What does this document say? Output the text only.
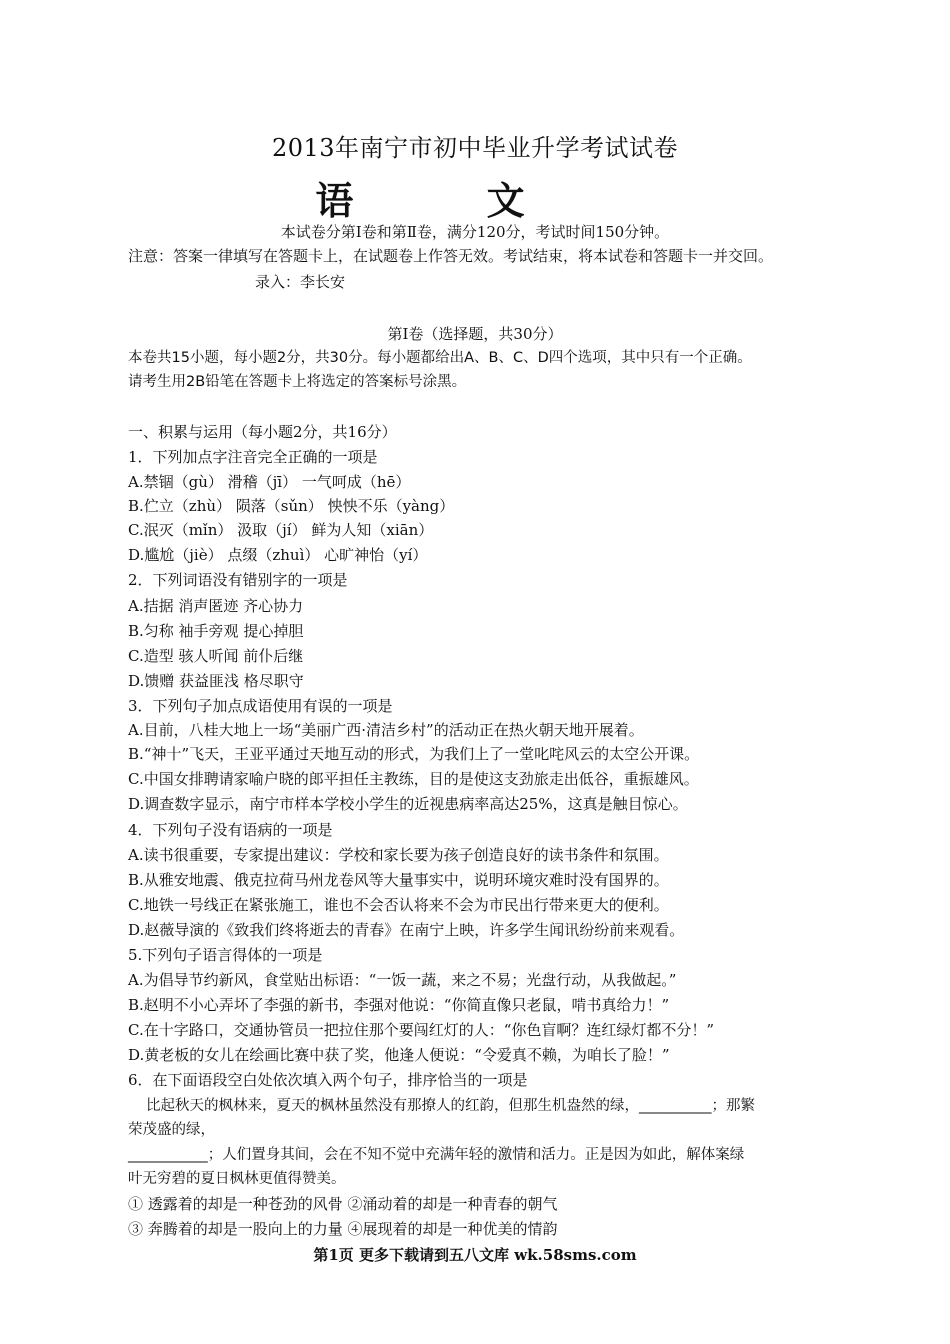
2013年南宁市初中毕业升学考试试卷
语 文
本试卷分第Ⅰ卷和第Ⅱ卷，满分120分，考试时间150分钟。
注意：答案一律填写在答题卡上，在试题卷上作答无效。考试结束，将本试卷和答题卡一并交回。
录入：李长安
第Ⅰ卷（选择题，共30分）
本卷共15小题，每小题2分，共30分。每小题都给出A、B、C、D四个选项，其中只有一个正确。
请考生用2B铅笔在答题卡上将选定的答案标号涂黑。
一、积累与运用（每小题2分，共16分）
1．下列加点字注音完全正确的一项是
A.禁锢（gù） 滑稽（jī） 一气呵成（hē）
B.伫立（zhù） 陨落（sǔn） 怏怏不乐（yàng）
C.泯灭（mǐn） 汲取（jí） 鲜为人知（xiān）
D.尴尬（jiè） 点缀（zhuì） 心旷神怡（yí）
2．下列词语没有错别字的一项是
A.拮据 消声匿迹 齐心协力
B.匀称 袖手旁观 提心掉胆
C.造型 骇人听闻 前仆后继
D.馈赠 获益匪浅 格尽职守
3．下列句子加点成语使用有误的一项是
A.目前，八桂大地上一场“美丽广西·清洁乡村”的活动正在热火朝天地开展着。
B.“神十”飞天，王亚平通过天地互动的形式，为我们上了一堂叱咤风云的太空公开课。
C.中国女排聘请家喻户晓的郎平担任主教练，目的是使这支劲旅走出低谷，重振雄风。
D.调查数字显示，南宁市样本学校小学生的近视患病率高达25%，这真是触目惊心。
4．下列句子没有语病的一项是
A.读书很重要，专家提出建议：学校和家长要为孩子创造良好的读书条件和氛围。
B.从雅安地震、俄克拉荷马州龙卷风等大量事实中，说明环境灾难时没有国界的。
C.地铁一号线正在紧张施工，谁也不会否认将来不会为市民出行带来更大的便利。
D.赵薇导演的《致我们终将逝去的青春》在南宁上映，许多学生闻讯纷纷前来观看。
5.下列句子语言得体的一项是
A.为倡导节约新风，食堂贴出标语：“一饭一蔬，来之不易；光盘行动，从我做起。”
B.赵明不小心弄坏了李强的新书，李强对他说：“你简直像只老鼠，啃书真给力！”
C.在十字路口，交通协管员一把拉住那个要闯红灯的人：“你色盲啊？连红绿灯都不分！”
D.黄老板的女儿在绘画比赛中获了奖，他逢人便说：“令爱真不赖，为咱长了脸！”
6．在下面语段空白处依次填入两个句子，排序恰当的一项是
比起秋天的枫林来，夏天的枫林虽然没有那撩人的红韵，但那生机盎然的绿，__________；那繁
荣茂盛的绿，
___________；人们置身其间，会在不知不觉中充满年轻的激情和活力。正是因为如此，解体案绿
叶无穷碧的夏日枫林更值得赞美。
① 透露着的却是一种苍劲的风骨 ②涌动着的却是一种青春的朝气
③ 奔腾着的却是一股向上的力量 ④展现着的却是一种优美的情韵
第1页 更多下载请到五八文库 wk.58sms.com
